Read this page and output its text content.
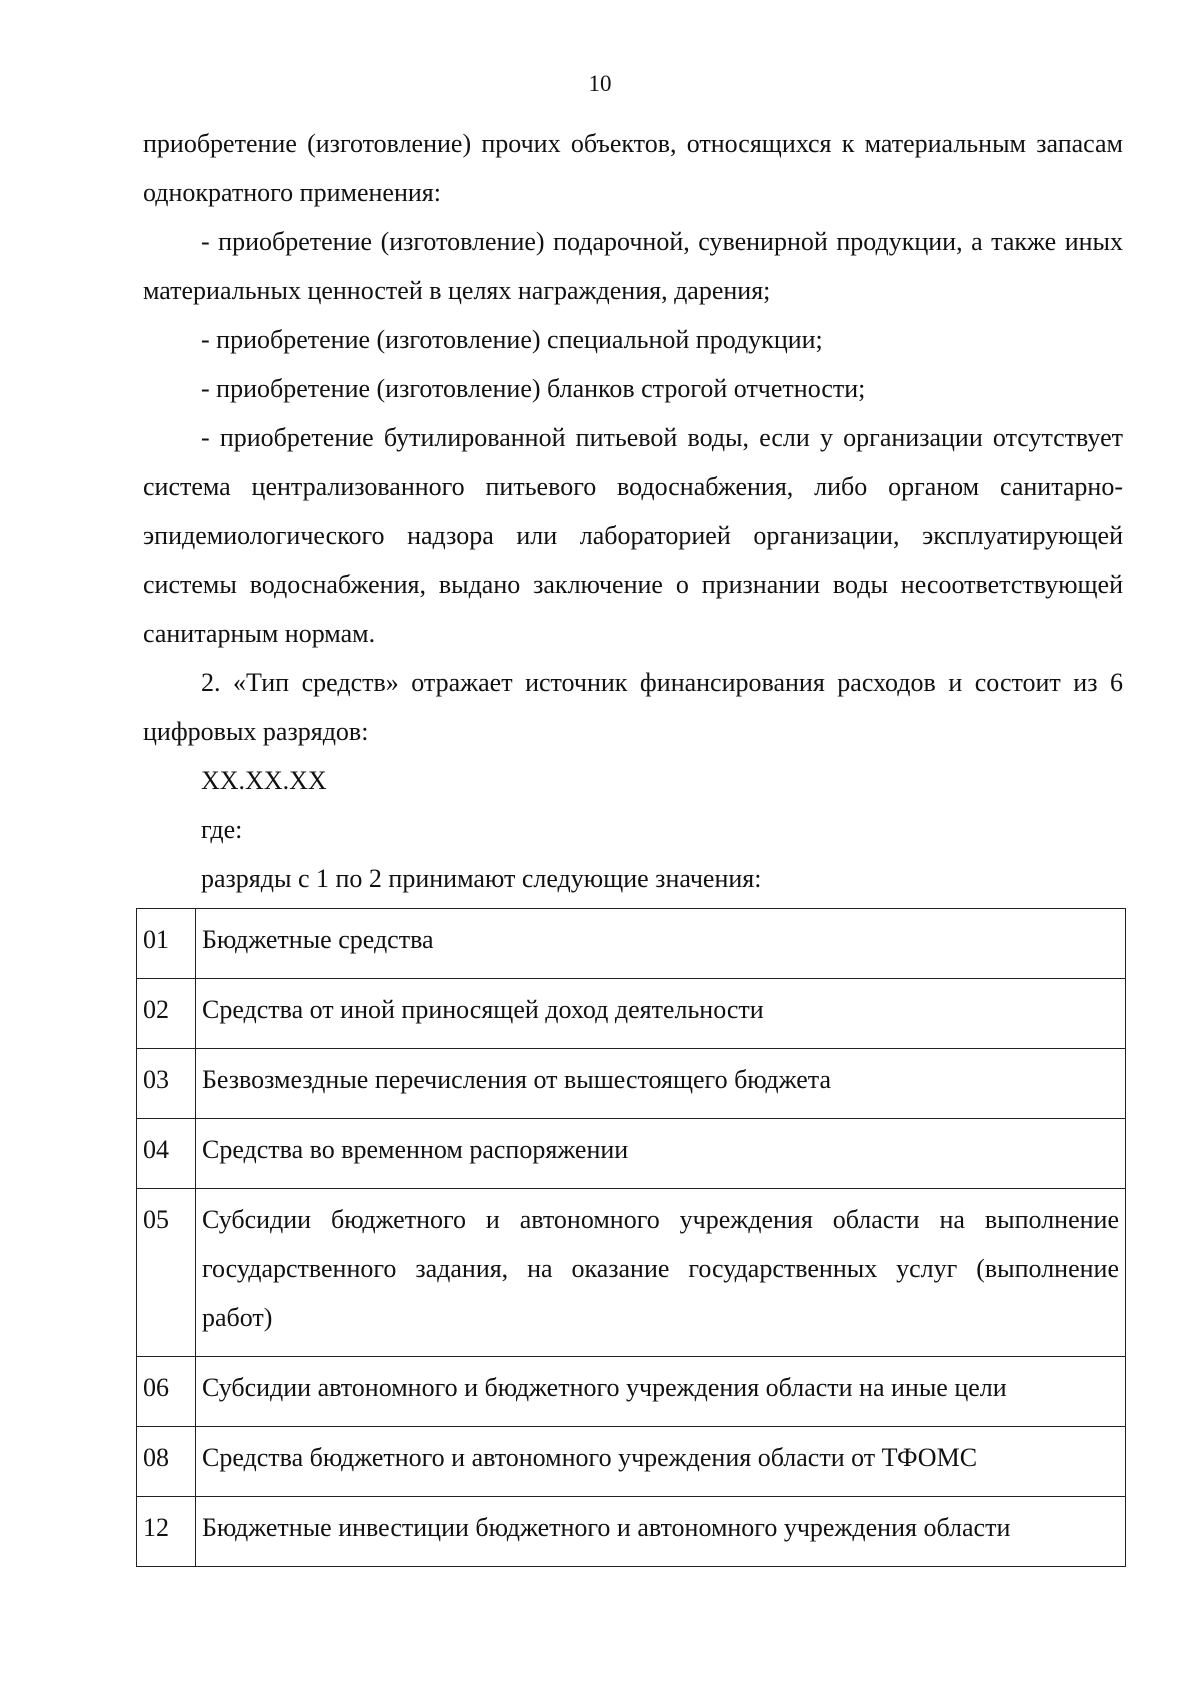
10

приобретение (изготовление) прочих объектов, относящихся к материальным запасам однократного применения:

- приобретение (изготовление) подарочной, сувенирной продукции, а также иных материальных ценностей в целях награждения, дарения;

- приобретение (изготовление) специальной продукции;

- приобретение (изготовление) бланков строгой отчетности;

- приобретение бутилированной питьевой воды, если у организации отсутствует система централизованного питьевого водоснабжения, либо органом санитарно-эпидемиологического надзора или лабораторией организации, эксплуатирующей системы водоснабжения, выдано заключение о признании воды несоответствующей санитарным нормам.

2. «Тип средств» отражает источник финансирования расходов и состоит из 6 цифровых разрядов:

XX.XX.XX

где:

разряды с 1 по 2 принимают следующие значения:

01	Бюджетные средства
02	Средства от иной приносящей доход деятельности
03	Безвозмездные перечисления от вышестоящего бюджета
04	Средства во временном распоряжении
05	Субсидии бюджетного и автономного учреждения области на выполнение государственного задания, на оказание государственных услуг (выполнение работ)
06	Субсидии автономного и бюджетного учреждения области на иные цели
08	Средства бюджетного и автономного учреждения области от ТФОМС
12	Бюджетные инвестиции бюджетного и автономного учреждения области
